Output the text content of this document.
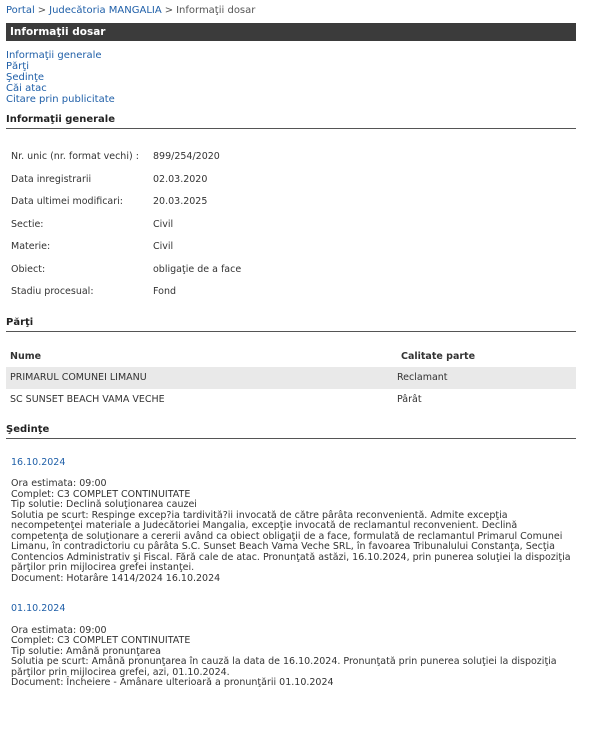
Portal > Judecătoria MANGALIA > Informaţii dosar
Informaţii dosar
Informaţii generale
Părţi
Şedinţe
Căi atac
Citare prin publicitate
Informaţii generale
Nr. unic (nr. format vechi) : 899/254/2020
Data inregistrarii	02.03.2020
Data ultimei modificari:	20.03.2025
Sectie:	Civil
Materie:	Civil
Obiect:	obligaţie de a face
Stadiu procesual:	Fond
Părţi
Nume	Calitate parte
PRIMARUL COMUNEI LIMANU	Reclamant
SC SUNSET BEACH VAMA VECHE	Pârât
Şedinţe
16.10.2024
Ora estimata: 09:00
Complet: C3 COMPLET CONTINUITATE
Tip solutie: Declină soluţionarea cauzei
Solutia pe scurt: Respinge excep?ia tardivită?ii invocată de către pârâta reconvenientă. Admite excepţia necompetenţei materiale a Judecătoriei Mangalia, excepţie invocată de reclamantul reconvenient. Declină competenţa de soluţionare a cererii având ca obiect obligaţii de a face, formulată de reclamantul Primarul Comunei Limanu, în contradictoriu cu pârâta S.C. Sunset Beach Vama Veche SRL, în favoarea Tribunalului Constanţa, Secţia Contencios Administrativ şi Fiscal. Fără cale de atac. Pronunţată astăzi, 16.10.2024, prin punerea soluţiei la dispoziţia părţilor prin mijlocirea grefei instanţei.
Document: Hotarâre 1414/2024 16.10.2024
01.10.2024
Ora estimata: 09:00
Complet: C3 COMPLET CONTINUITATE
Tip solutie: Amână pronunţarea
Solutia pe scurt: Amână pronunţarea în cauză la data de 16.10.2024. Pronunţată prin punerea soluţiei la dispoziţia părţilor prin mijlocirea grefei, azi, 01.10.2024.
Document: Încheiere - Amânare ulterioară a pronunţării 01.10.2024
